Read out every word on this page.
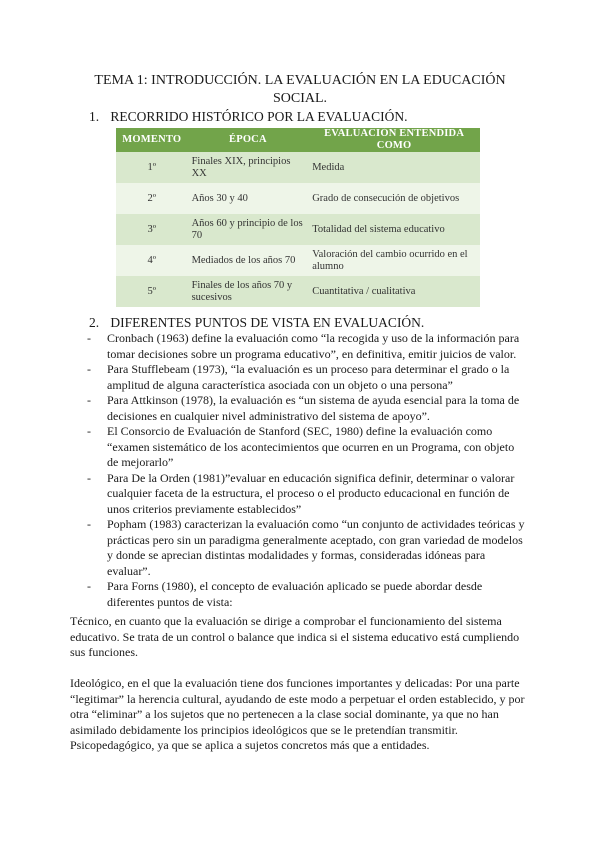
TEMA 1: INTRODUCCIÓN. LA EVALUACIÓN EN LA EDUCACIÓN SOCIAL.
1. RECORRIDO HISTÓRICO POR LA EVALUACIÓN.
MOMENTO	ÉPOCA	EVALUACIÓN ENTENDIDA COMO
1º	Finales XIX, principios XX	Medida
2º	Años 30 y 40	Grado de consecución de objetivos
3º	Años 60 y principio de los 70	Totalidad del sistema educativo
4º	Mediados de los años 70	Valoración del cambio ocurrido en el alumno
5º	Finales de los años 70 y sucesivos	Cuantitativa / cualitativa
2. DIFERENTES PUNTOS DE VISTA EN EVALUACIÓN.
- Cronbach (1963) define la evaluación como “la recogida y uso de la información para tomar decisiones sobre un programa educativo”, en definitiva, emitir juicios de valor.
- Para Stufflebeam (1973), “la evaluación es un proceso para determinar el grado o la amplitud de alguna característica asociada con un objeto o una persona”
- Para Attkinson (1978), la evaluación es “un sistema de ayuda esencial para la toma de decisiones en cualquier nivel administrativo del sistema de apoyo”.
- El Consorcio de Evaluación de Stanford (SEC, 1980) define la evaluación como “examen sistemático de los acontecimientos que ocurren en un Programa, con objeto de mejorarlo”
- Para De la Orden (1981)”evaluar en educación significa definir, determinar o valorar cualquier faceta de la estructura, el proceso o el producto educacional en función de unos criterios previamente establecidos”
- Popham (1983) caracterizan la evaluación como “un conjunto de actividades teóricas y prácticas pero sin un paradigma generalmente aceptado, con gran variedad de modelos y donde se aprecian distintas modalidades y formas, consideradas idóneas para evaluar”.
- Para Forns (1980), el concepto de evaluación aplicado se puede abordar desde diferentes puntos de vista:

Técnico, en cuanto que la evaluación se dirige a comprobar el funcionamiento del sistema educativo. Se trata de un control o balance que indica si el sistema educativo está cumpliendo sus funciones.

Ideológico, en el que la evaluación tiene dos funciones importantes y delicadas: Por una parte “legitimar” la herencia cultural, ayudando de este modo a perpetuar el orden establecido, y por otra “eliminar” a los sujetos que no pertenecen a la clase social dominante, ya que no han asimilado debidamente los principios ideológicos que se le pretendían transmitir.

Psicopedagógico, ya que se aplica a sujetos concretos más que a entidades.
